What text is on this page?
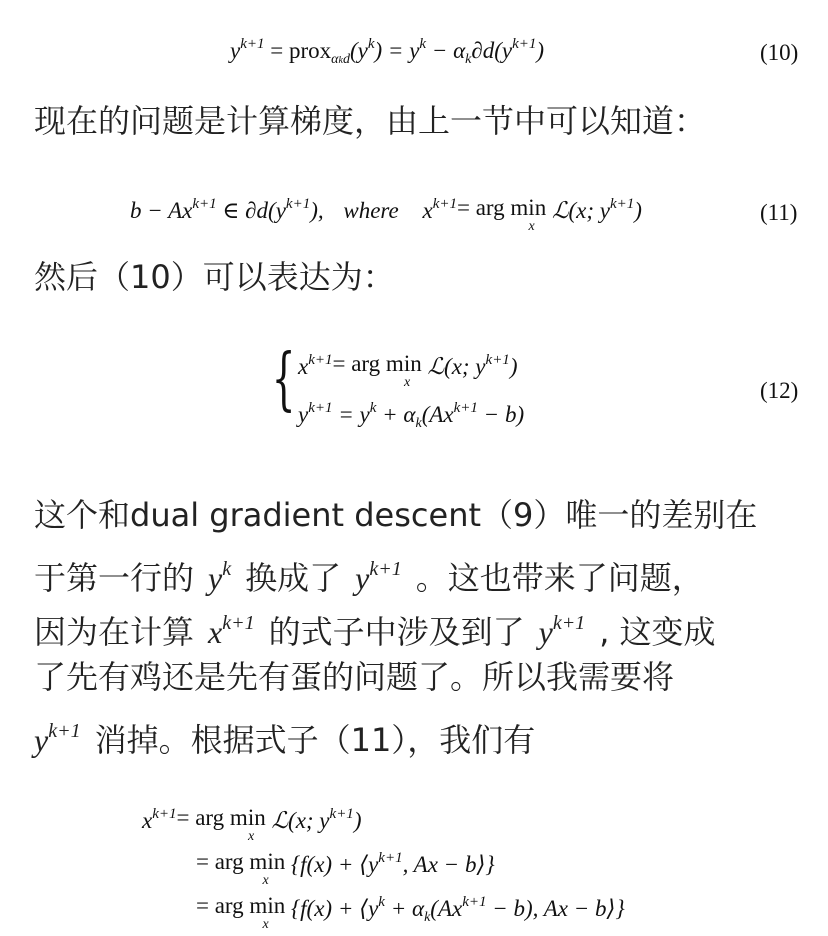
$y^{k+1}$ = $prox_{\alpha kd}(y^k) = y^k - \alpha_k\partial d(y^{k+1})$	(10)
现在的问题是计算梯度，由上一节中可以知道：
$b - Ax^{k+1}$ ∈ $\partial d(y^{k+1})$, where $x^{k+1}=$ arg min
x
ℒ(x; $y^{k+1}$)	(11)
然后（10）可以表达为：
{ $x^{k+1}=$ arg min
x
ℒ(x; $y^{k+1}$)
$y^{k+1} = y^k + \alpha_k(Ax^{k+1} - b)$
(12)
这个和dual gradient descent（9）唯一的差别在
于第一行的 $y^k$ 换成了 $y^{k+1}$ 。这也带来了问题，
因为在计算 $x^{k+1}$ 的式子中涉及到了 $y^{k+1}$ , 这变成
了先有鸡还是先有蛋的问题了。所以我需要将
$y^{k+1}$ 消掉。根据式子（11），我们有
$x^{k+1}=$ arg min
x
ℒ(x; $y^{k+1}$)
= arg min
x
{$f(x) + ⟨y^{k+1}$, Ax − b⟩}
= arg min
x
{$f(x) + ⟨y^k + \alpha_k(Ax^{k+1} - b)$, Ax − b⟩}
